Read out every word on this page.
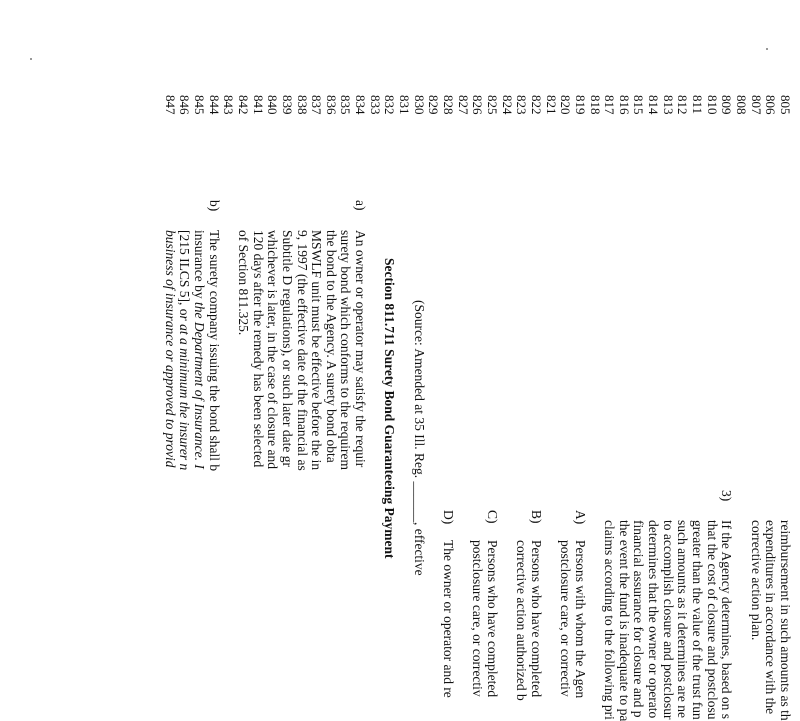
805
reimbursement in such amounts as th
806
expenditures in accordance with the
807
corrective action plan.
808
809
3)
If the Agency determines, based on s
810
that the cost of closure and postclosu
811
greater than the value of the trust fun
812
such amounts as it determines are ne
813
to accomplish closure and postclosur
814
determines that the owner or operato
815
financial assurance for closure and p
816
the event the fund is inadequate to pa
817
claims according to the following pri
818
819
A)
Persons with whom the Agen
820
postclosure care, or correctiv
821
822
B)
Persons who have completed
823
corrective action authorized b
824
825
C)
Persons who have completed
826
postclosure care, or correctiv
827
828
D)
The owner or operator and re
829
830
(Source: Amended at 35 Ill. Reg. ______, effective
831
832
Section 811.711 Surety Bond Guaranteeing Payment
833
834
a)
An owner or operator may satisfy the requir
835
surety bond which conforms to the requirem
836
the bond to the Agency. A surety bond obta
837
MSWLF unit must be effective before the in
838
9, 1997 (the effective date of the financial as
839
Subtitle D regulations), or such later date gr
840
whichever is later, in the case of closure and
841
120 days after the remedy has been selected
842
of Section 811.325.
843
844
b)
The surety company issuing the bond shall b
845
insurance by the Department of Insurance. I
846
[215 ILCS 5], or at a minimum the insurer n
847
business of insurance or approved to provid
